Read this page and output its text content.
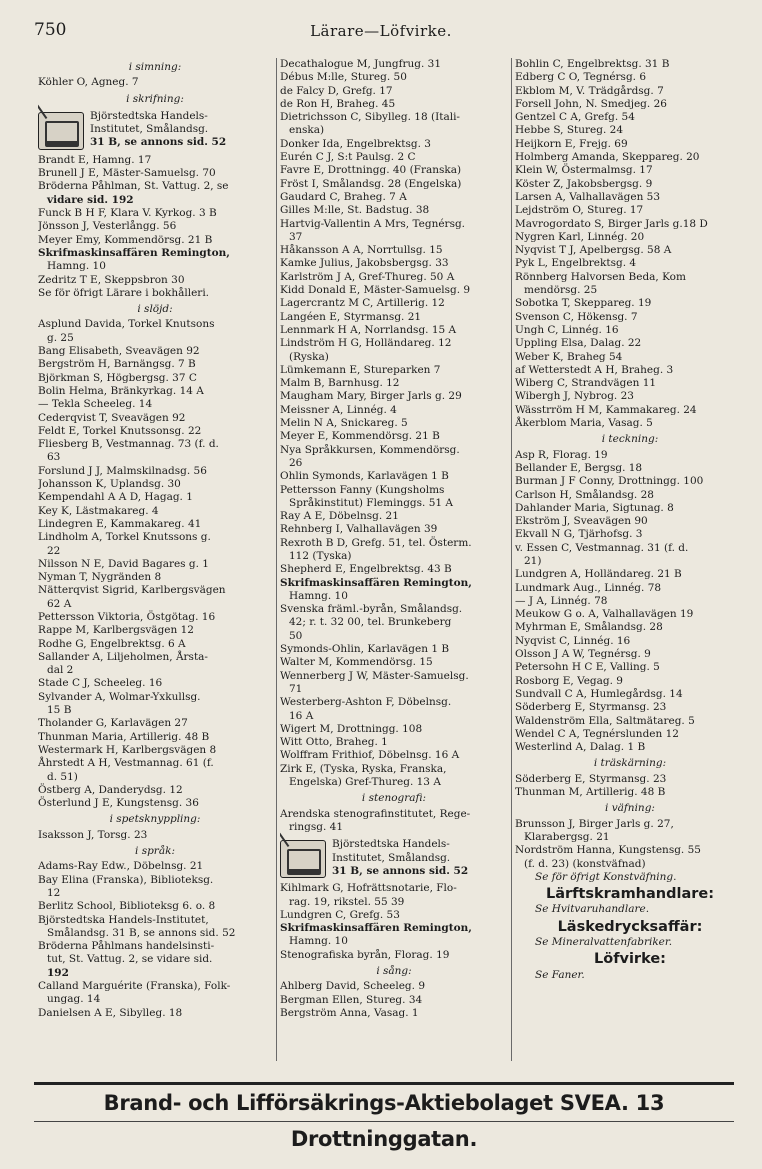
750	Lärare—Löfvirke.
i simning:
Köhler O, Agneg. 7
i skrifning:
Björstedtska Handels-
Institutet, Smålandsg.
31 B, se annons sid. 52
Brandt E, Hamng. 17
Brunell J E, Mäster-Samuelsg. 70
Bröderna Påhlman, St. Vattug. 2, se
vidare sid. 192
Funck B H F, Klara V. Kyrkog. 3 B
Jönsson J, Vesterlångg. 56
Meyer Emy, Kommendörsg. 21 B
Skrifmaskinsaffären Remington,
Hamng. 10
Zedritz T E, Skeppsbron 30
Se för öfrigt Lärare i bokhålleri.
i slöjd:
Asplund Davida, Torkel Knutsons
g. 25
Bang Elisabeth, Sveavägen 92
Bergström H, Barnängsg. 7 B
Björkman S, Högbergsg. 37 C
Bolin Helma, Bränkyrkag. 14 A
— Tekla Scheeleg. 14
Cederqvist T, Sveavägen 92
Feldt E, Torkel Knutssonsg. 22
Fliesberg B, Vestmannag. 73 (f. d.
63
Forslund J J, Malmskilnadsg. 56
Johansson K, Uplandsg. 30
Kempendahl A A D, Hagag. 1
Key K, Lästmakareg. 4
Lindegren E, Kammakareg. 41
Lindholm A, Torkel Knutssons g.
22
Nilsson N E, David Bagares g. 1
Nyman T, Nygränden 8
Nätterqvist Sigrid, Karlbergsvägen
62 A
Pettersson Viktoria, Östgötag. 16
Rappe M, Karlbergsvägen 12
Rodhe G, Engelbrektsg. 6 A
Sallander A, Liljeholmen, Årsta-
dal 2
Stade C J, Scheeleg. 16
Sylvander A, Wolmar-Yxkullsg.
15 B
Tholander G, Karlavägen 27
Thunman Maria, Artillerig. 48 B
Westermark H, Karlbergsvägen 8
Åhrstedt A H, Vestmannag. 61 (f.
d. 51)
Östberg A, Danderydsg. 12
Österlund J E, Kungstensg. 36
i spetsknyppling:
Isaksson J, Torsg. 23
i språk:
Adams-Ray Edw., Döbelnsg. 21
Bay Elina (Franska), Biblioteksg.
12
Berlitz School, Biblioteksg 6. o. 8
Björstedtska Handels-Institutet,
Smålandsg. 31 B, se annons sid. 52
Bröderna Påhlmans handelsinsti-
tut, St. Vattug. 2, se vidare sid.
192
Calland Marguérite (Franska), Folk-
ungag. 14
Danielsen A E, Sibylleg. 18
Decathalogue M, Jungfrug. 31
Débus M:lle, Stureg. 50
de Falcy D, Grefg. 17
de Ron H, Braheg. 45
Dietrichsson C, Sibylleg. 18 (Itali-
enska)
Donker Ida, Engelbrektsg. 3
Eurén C J, S:t Paulsg. 2 C
Favre E, Drottningg. 40 (Franska)
Fröst I, Smålandsg. 28 (Engelska)
Gaudard C, Braheg. 7 A
Gilles M:lle, St. Badstug. 38
Hartvig-Vallentin A Mrs, Tegnérsg.
37
Håkansson A A, Norrtullsg. 15
Kamke Julius, Jakobsbergsg. 33
Karlström J A, Gref-Thureg. 50 A
Kidd Donald E, Mäster-Samuelsg. 9
Lagercrantz M C, Artillerig. 12
Langéen E, Styrmansg. 21
Lennmark H A, Norrlandsg. 15 A
Lindström H G, Holländareg. 12
(Ryska)
Lümkemann E, Stureparken 7
Malm B, Barnhusg. 12
Maugham Mary, Birger Jarls g. 29
Meissner A, Linnég. 4
Melin N A, Snickareg. 5
Meyer E, Kommendörsg. 21 B
Nya Språkkursen, Kommendörsg.
26
Ohlin Symonds, Karlavägen 1 B
Pettersson Fanny (Kungsholms
Språkinstitut) Fleminggs. 51 A
Ray A E, Döbelnsg. 21
Rehnberg I, Valhallavägen 39
Rexroth B D, Grefg. 51, tel. Österm.
112 (Tyska)
Shepherd E, Engelbrektsg. 43 B
Skrifmaskinsaffären Remington,
Hamng. 10
Svenska främl.-byrån, Smålandsg.
42; r. t. 32 00, tel. Brunkeberg
50
Symonds-Ohlin, Karlavägen 1 B
Walter M, Kommendörsg. 15
Wennerberg J W, Mäster-Samuelsg.
71
Westerberg-Ashton F, Döbelnsg.
16 A
Wigert M, Drottningg. 108
Witt Otto, Braheg. 1
Wolffram Frithiof, Döbelnsg. 16 A
Zirk E, (Tyska, Ryska, Franska,
Engelska) Gref-Thureg. 13 A
i stenografi:
Arendska stenografinstitutet, Rege-
ringsg. 41
Björstedtska Handels-
Institutet, Smålandsg.
31 B, se annons sid. 52
Kihlmark G, Hofrättsnotarie, Flo-
rag. 19, rikstel. 55 39
Lundgren C, Grefg. 53
Skrifmaskinsaffären Remington,
Hamng. 10
Stenografiska byrån, Florag. 19
i sång:
Ahlberg David, Scheeleg. 9
Bergman Ellen, Stureg. 34
Bergström Anna, Vasag. 1
Bohlin C, Engelbrektsg. 31 B
Edberg C O, Tegnérsg. 6
Ekblom M, V. Trädgårdsg. 7
Forsell John, N. Smedjeg. 26
Gentzel C A, Grefg. 54
Hebbe S, Stureg. 24
Heijkorn E, Frejg. 69
Holmberg Amanda, Skeppareg. 20
Klein W, Östermalmsg. 17
Köster Z, Jakobsbergsg. 9
Larsen A, Valhallavägen 53
Lejdström O, Stureg. 17
Mavrogordato S, Birger Jarls g.18 D
Nygren Karl, Linnég. 20
Nyqvist T J, Apelbergsg. 58 A
Pyk L, Engelbrektsg. 4
Rönnberg Halvorsen Beda, Kom
mendörsg. 25
Sobotka T, Skeppareg. 19
Svenson C, Hökensg. 7
Ungh C, Linnég. 16
Uppling Elsa, Dalag. 22
Weber K, Braheg 54
af Wetterstedt A H, Braheg. 3
Wiberg C, Strandvägen 11
Wibergh J, Nybrog. 23
Wässtrröm H M, Kammakareg. 24
Åkerblom Maria, Vasag. 5
i teckning:
Asp R, Florag. 19
Bellander E, Bergsg. 18
Burman J F Conny, Drottningg. 100
Carlson H, Smålandsg. 28
Dahlander Maria, Sigtunag. 8
Ekström J, Sveavägen 90
Ekvall N G, Tjärhofsg. 3
v. Essen C, Vestmannag. 31 (f. d.
21)
Lundgren A, Holländareg. 21 B
Lundmark Aug., Linnég. 78
— J A, Linnég. 78
Meukow G o. A, Valhallavägen 19
Myhrman E, Smålandsg. 28
Nyqvist C, Linnég. 16
Olsson J A W, Tegnérsg. 9
Petersohn H C E, Valling. 5
Rosborg E, Vegag. 9
Sundvall C A, Humlegårdsg. 14
Söderberg E, Styrmansg. 23
Waldenström Ella, Saltmätareg. 5
Wendel C A, Tegnérslunden 12
Westerlind A, Dalag. 1 B
i träskärning:
Söderberg E, Styrmansg. 23
Thunman M, Artillerig. 48 B
i väfning:
Brunsson J, Birger Jarls g. 27,
Klarabergsg. 21
Nordström Hanna, Kungstensg. 55
(f. d. 23) (konstväfnad)
Se för öfrigt Konstväfning.
Lärftskramhandlare:
Se Hvitvaruhandlare.
Läskedrycksaffär:
Se Mineralvattenfabriker.
Löfvirke:
Se Faner.
Brand- och Lifförsäkrings-Aktiebolaget SVEA. 13 Drottninggatan.
